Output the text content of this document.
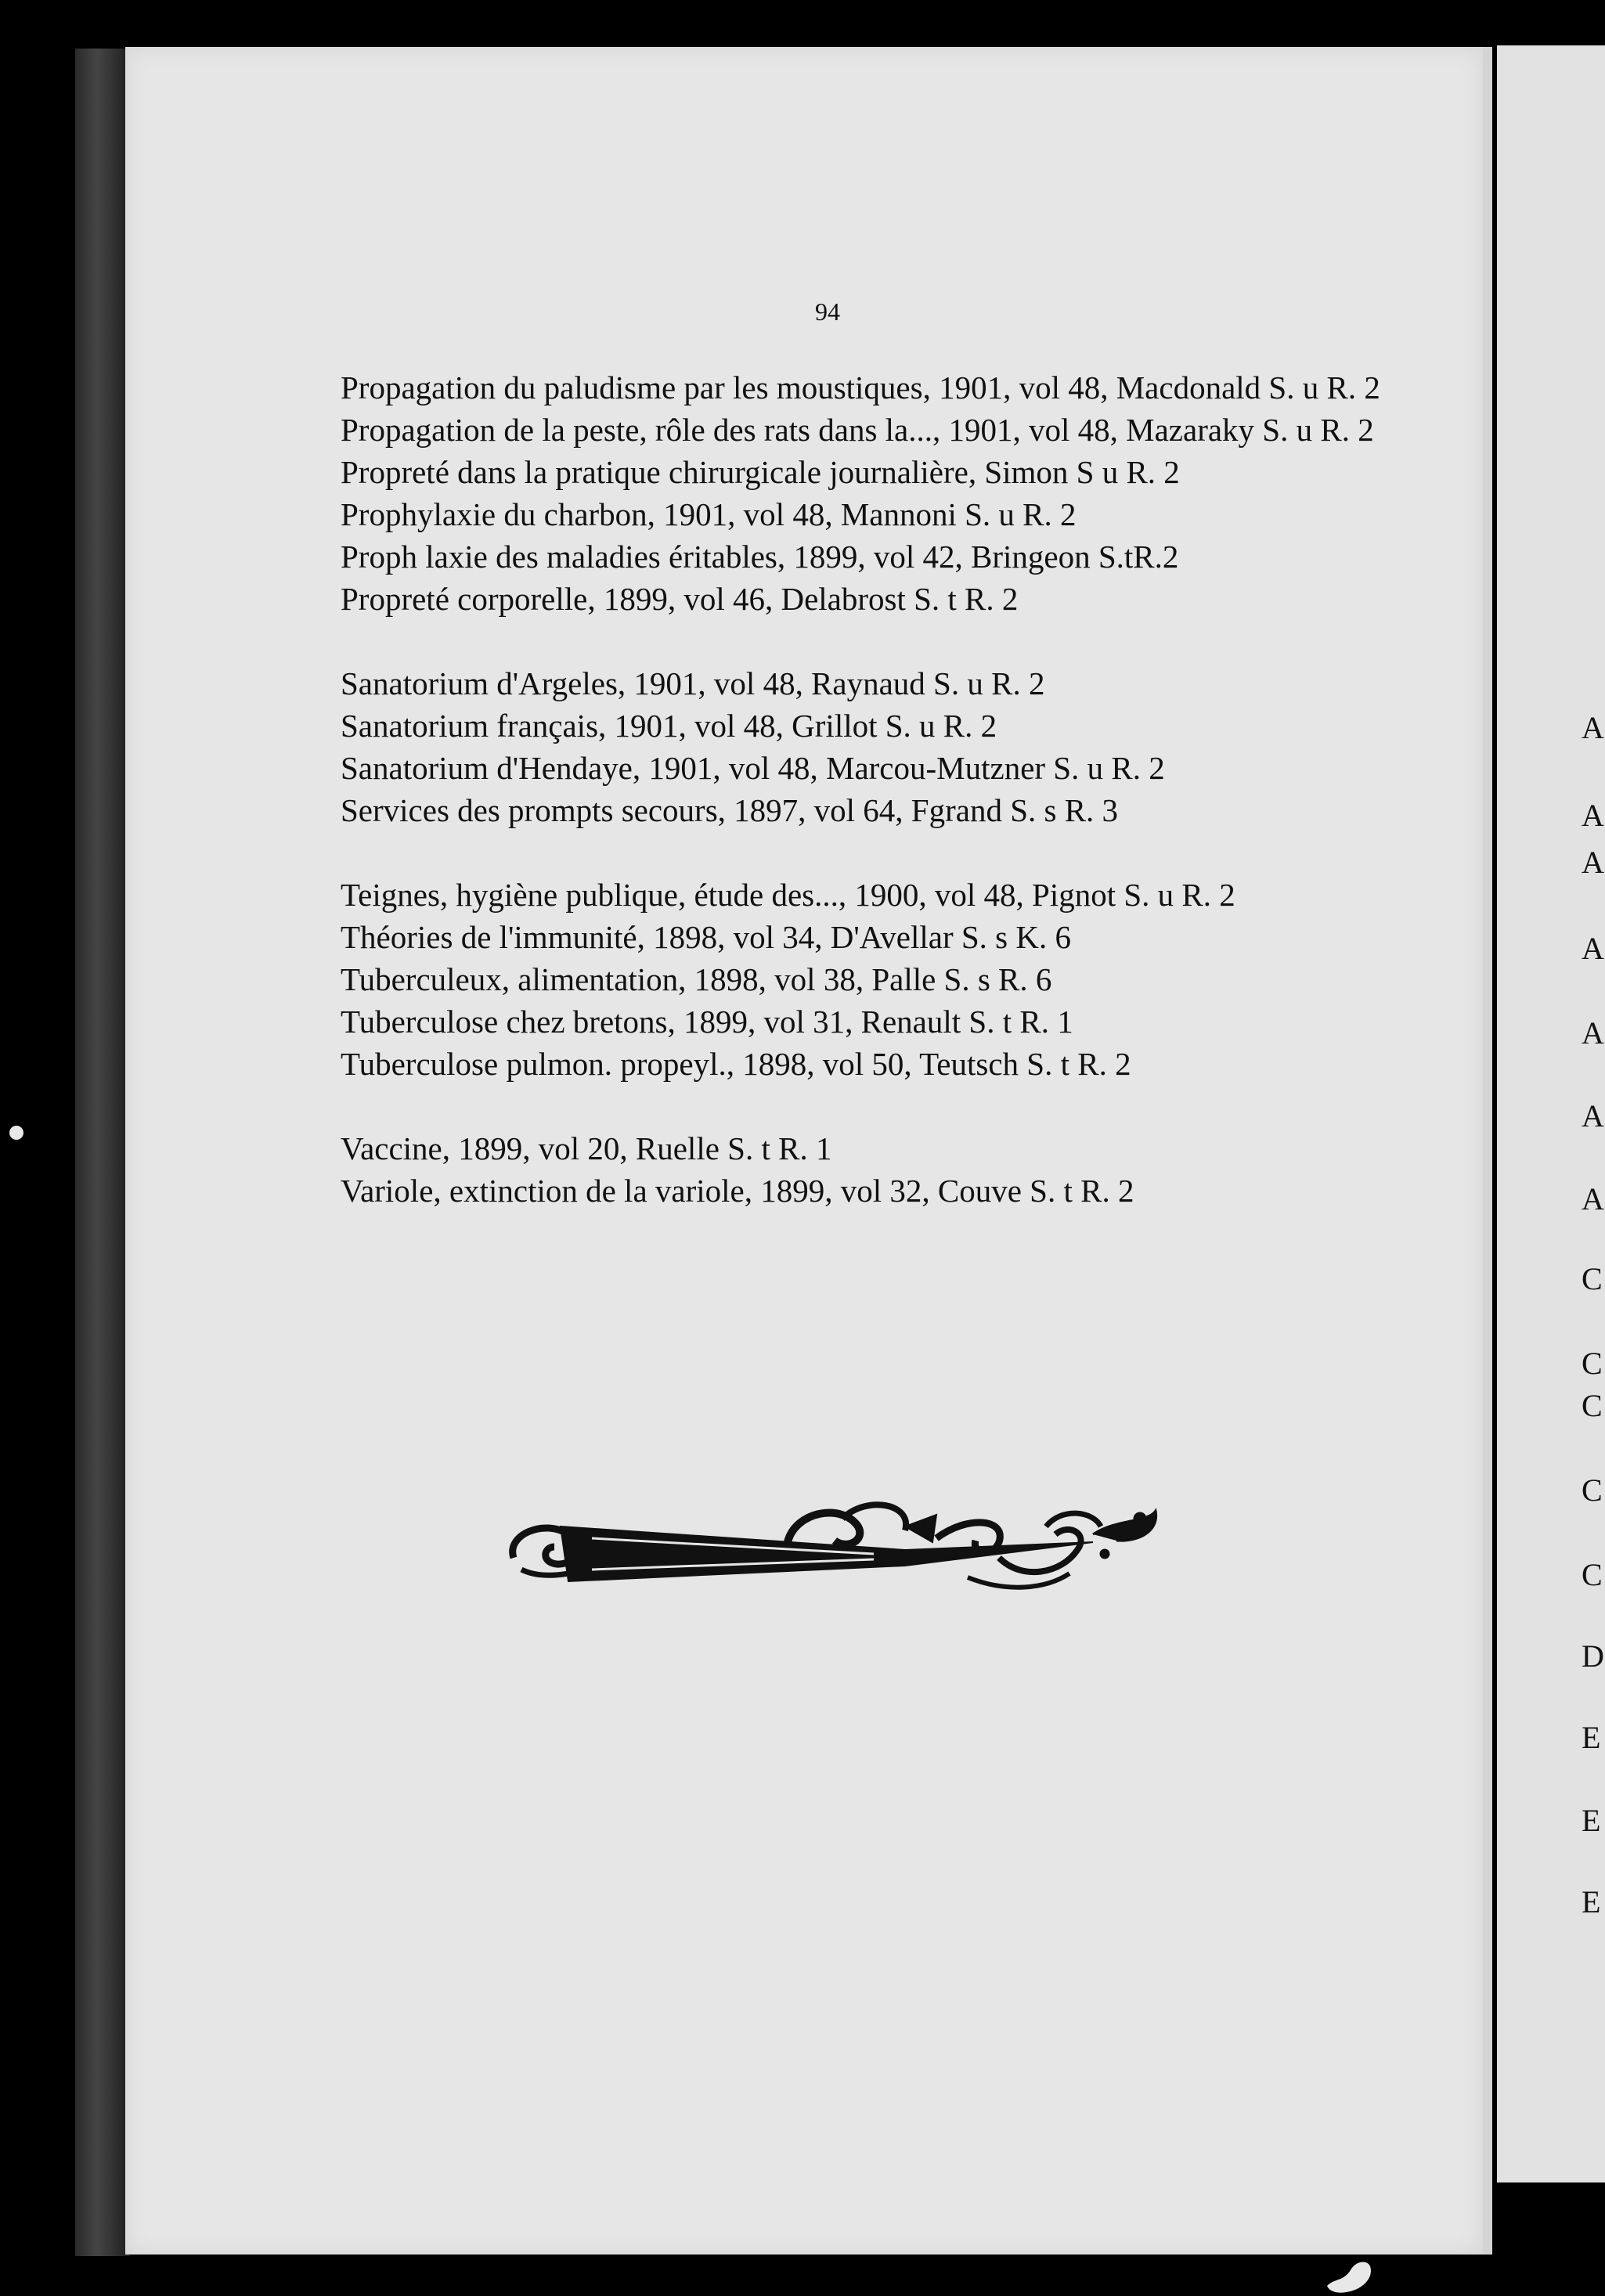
94

Propagation du paludisme par les moustiques, 1901, vol 48, Macdonald S. u R. 2

Propagation de la peste, rôle des rats dans la..., 1901, vol 48, Mazaraky S. u R. 2

Propreté dans la pratique chirurgicale journalière, Simon S u R. 2

Prophylaxie du charbon, 1901, vol 48, Mannoni S. u R. 2

Proph laxie des maladies éritables, 1899, vol 42, Bringeon S.tR.2

Propreté corporelle, 1899, vol 46, Delabrost S. t R. 2

Sanatorium d'Argeles, 1901, vol 48, Raynaud S. u R. 2

Sanatorium français, 1901, vol 48, Grillot S. u R. 2

Sanatorium d'Hendaye, 1901, vol 48, Marcou-Mutzner S. u R. 2

Services des prompts secours, 1897, vol 64, Fgrand S. s R. 3

Teignes, hygiène publique, étude des..., 1900, vol 48, Pignot S. u R. 2

Théories de l'immunité, 1898, vol 34, D'Avellar S. s K. 6

Tuberculeux, alimentation, 1898, vol 38, Palle S. s R. 6

Tuberculose chez bretons, 1899, vol 31, Renault S. t R. 1

Tuberculose pulmon. propeyl., 1898, vol 50, Teutsch S. t R. 2

Vaccine, 1899, vol 20, Ruelle S. t R. 1

Variole, extinction de la variole, 1899, vol 32, Couve S. t R. 2

A
A
A
A
A
A
A
C
C
C
C
C
D
E
E
E
